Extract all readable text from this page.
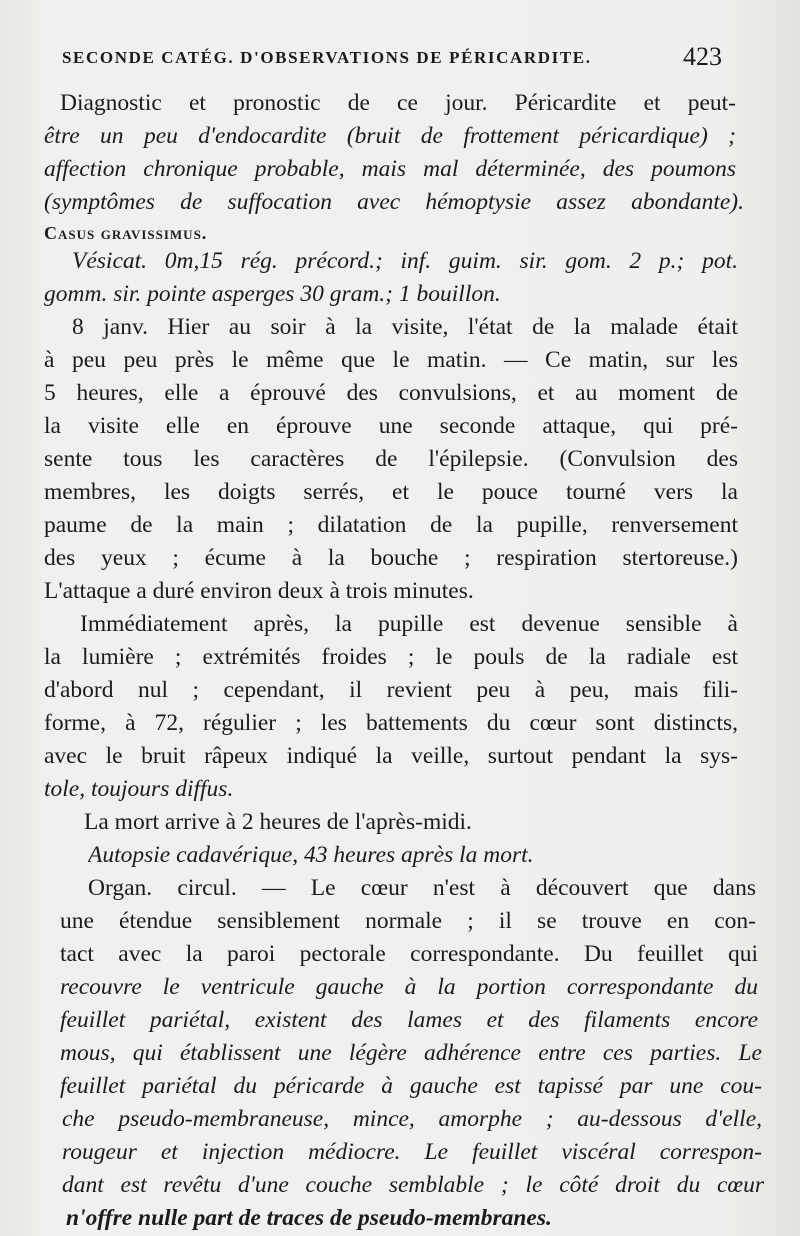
SECONDE CATÉG. D'OBSERVATIONS DE PÉRICARDITE.	423
Diagnostic et pronostic de ce jour. Péricardite et peut-
être un peu d'endocardite (bruit de frottement péricardique) ;
affection chronique probable, mais mal déterminée, des poumons
(symptômes de suffocation avec hémoptysie assez abondante).
Casus gravissimus.
Vésicat. 0m,15 rég. précord.; inf. guim. sir. gom. 2 p.; pot.
gomm. sir. pointe asperges 30 gram.; 1 bouillon.
8 janv. Hier au soir à la visite, l'état de la malade était
à peu peu près le même que le matin. — Ce matin, sur les
5 heures, elle a éprouvé des convulsions, et au moment de
la visite elle en éprouve une seconde attaque, qui pré-
sente tous les caractères de l'épilepsie. (Convulsion des
membres, les doigts serrés, et le pouce tourné vers la
paume de la main ; dilatation de la pupille, renversement
des yeux ; écume à la bouche ; respiration stertoreuse.)
L'attaque a duré environ deux à trois minutes.
Immédiatement après, la pupille est devenue sensible à
la lumière ; extrémités froides ; le pouls de la radiale est
d'abord nul ; cependant, il revient peu à peu, mais fili-
forme, à 72, régulier ; les battements du cœur sont distincts,
avec le bruit râpeux indiqué la veille, surtout pendant la sys-
tole, toujours diffus.
La mort arrive à 2 heures de l'après-midi.
Autopsie cadavérique, 43 heures après la mort.
Organ. circul. — Le cœur n'est à découvert que dans
une étendue sensiblement normale ; il se trouve en con-
tact avec la paroi pectorale correspondante. Du feuillet qui
recouvre le ventricule gauche à la portion correspondante du
feuillet pariétal, existent des lames et des filaments encore
mous, qui établissent une légère adhérence entre ces parties. Le
feuillet pariétal du péricarde à gauche est tapissé par une cou-
che pseudo-membraneuse, mince, amorphe ; au-dessous d'elle,
rougeur et injection médiocre. Le feuillet viscéral correspon-
dant est revêtu d'une couche semblable ; le côté droit du cœur
n'offre nulle part de traces de pseudo-membranes.
